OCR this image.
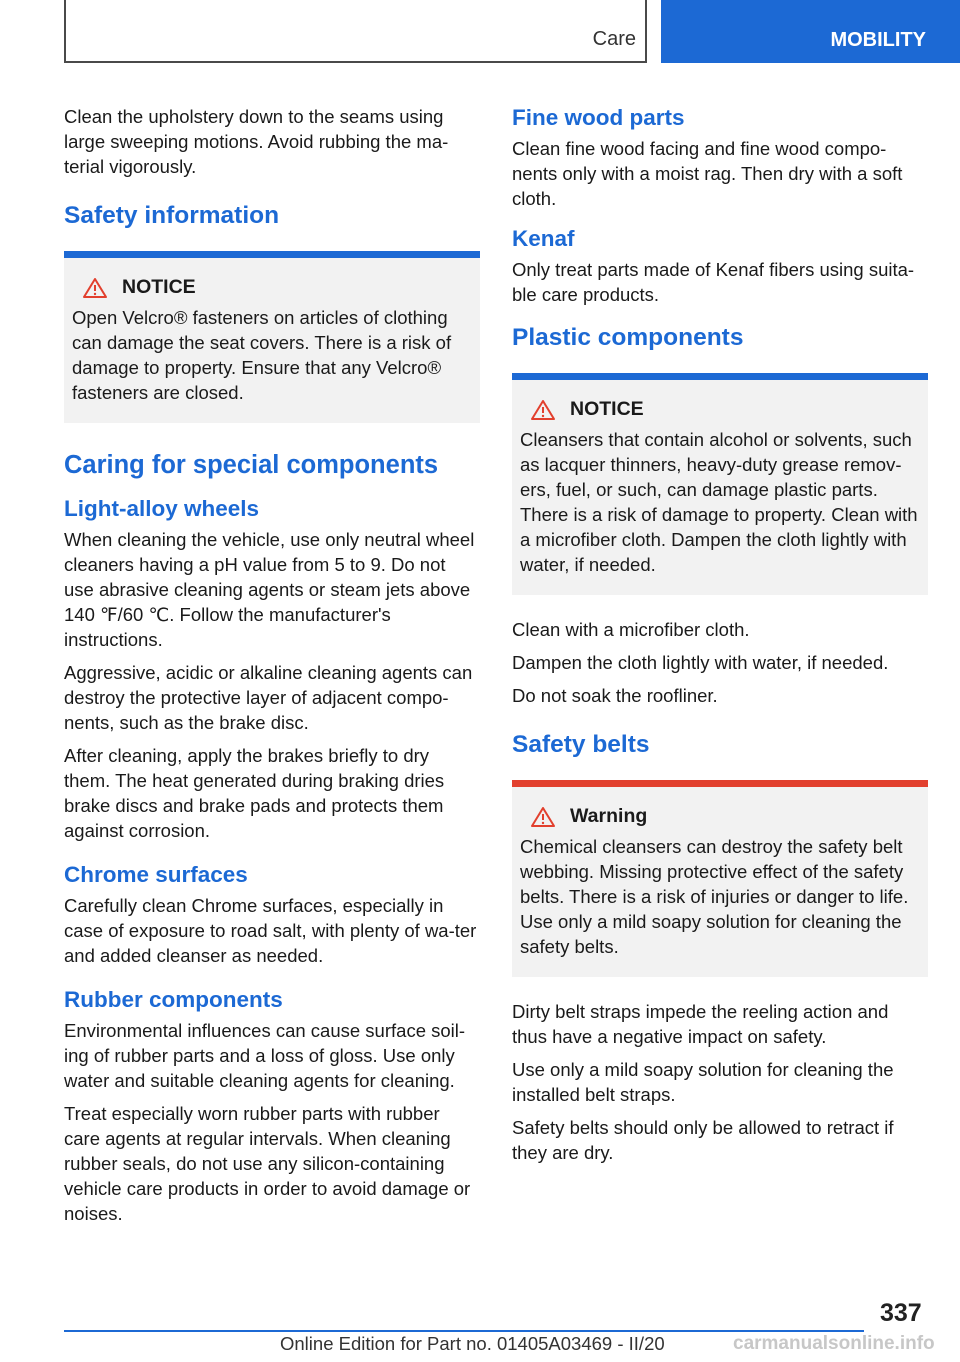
Care	MOBILITY

Clean the upholstery down to the seams using large sweeping motions. Avoid rubbing the ma‐terial vigorously.

Safety information
NOTICE

Open Velcro® fasteners on articles of clothing can damage the seat covers. There is a risk of damage to property. Ensure that any Velcro® fasteners are closed.

Caring for special components
Light-alloy wheels

When cleaning the vehicle, use only neutral wheel cleaners having a pH value from 5 to 9. Do not use abrasive cleaning agents or steam jets above 140 ℉/60 ℃. Follow the manufacturer's instructions.

Aggressive, acidic or alkaline cleaning agents can destroy the protective layer of adjacent compo‐nents, such as the brake disc.

After cleaning, apply the brakes briefly to dry them. The heat generated during braking dries brake discs and brake pads and protects them against corrosion.

Chrome surfaces

Carefully clean Chrome surfaces, especially in case of exposure to road salt, with plenty of wa‐ter and added cleanser as needed.

Rubber components

Environmental influences can cause surface soil‐ing of rubber parts and a loss of gloss. Use only water and suitable cleaning agents for cleaning.

Treat especially worn rubber parts with rubber care agents at regular intervals. When cleaning rubber seals, do not use any silicon-containing vehicle care products in order to avoid damage or noises.

Fine wood parts

Clean fine wood facing and fine wood compo‐nents only with a moist rag. Then dry with a soft cloth.

Kenaf

Only treat parts made of Kenaf fibers using suita‐ble care products.

Plastic components
NOTICE

Cleansers that contain alcohol or solvents, such as lacquer thinners, heavy-duty grease remov‐ers, fuel, or such, can damage plastic parts. There is a risk of damage to property. Clean with a microfiber cloth. Dampen the cloth lightly with water, if needed.

Clean with a microfiber cloth.

Dampen the cloth lightly with water, if needed.

Do not soak the roofliner.

Safety belts
Warning

Chemical cleansers can destroy the safety belt webbing. Missing protective effect of the safety belts. There is a risk of injuries or danger to life. Use only a mild soapy solution for cleaning the safety belts.

Dirty belt straps impede the reeling action and thus have a negative impact on safety.

Use only a mild soapy solution for cleaning the installed belt straps.

Safety belts should only be allowed to retract if they are dry.

337
Online Edition for Part no. 01405A03469 - II/20	carmanualsonline.info
